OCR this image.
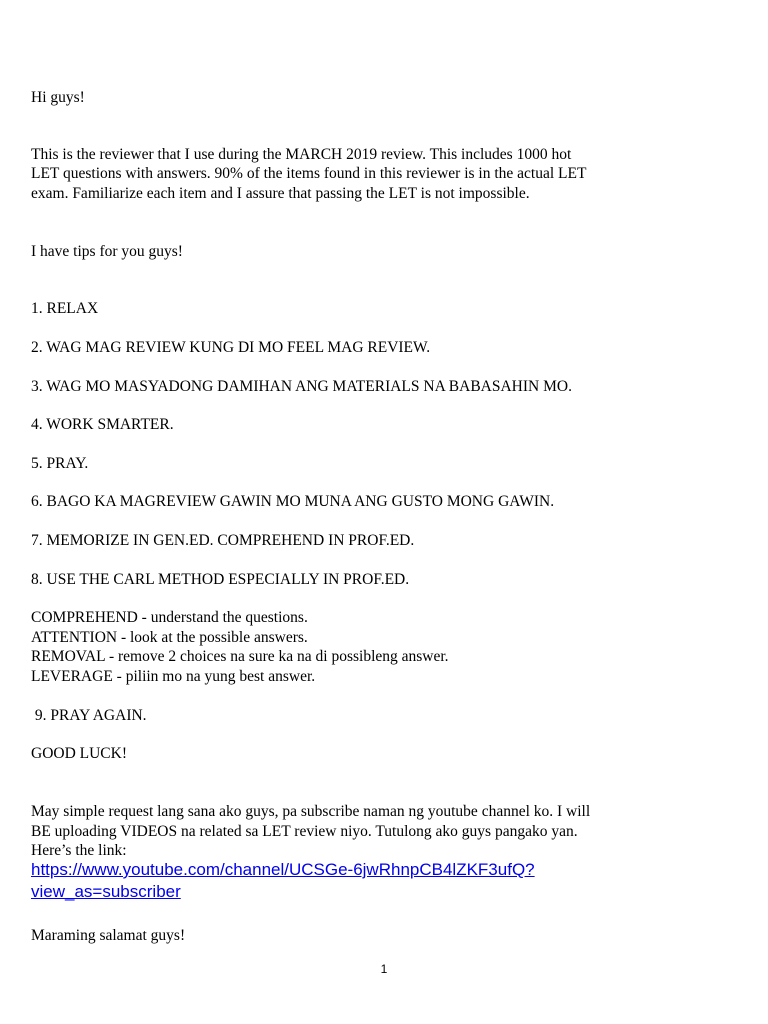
Hi guys!

This is the reviewer that I use during the MARCH 2019 review. This includes 1000 hot

LET questions with answers. 90% of the items found in this reviewer is in the actual LET

exam. Familiarize each item and I assure that passing the LET is not impossible.

I have tips for you guys!

1. RELAX

2. WAG MAG REVIEW KUNG DI MO FEEL MAG REVIEW.

3. WAG MO MASYADONG DAMIHAN ANG MATERIALS NA BABASAHIN MO.

4. WORK SMARTER.

5. PRAY.

6. BAGO KA MAGREVIEW GAWIN MO MUNA ANG GUSTO MONG GAWIN.

7. MEMORIZE IN GEN.ED. COMPREHEND IN PROF.ED.

8. USE THE CARL METHOD ESPECIALLY IN PROF.ED.

COMPREHEND - understand the questions.

ATTENTION - look at the possible answers.

REMOVAL - remove 2 choices na sure ka na di possibleng answer.

LEVERAGE - piliin mo na yung best answer.

9. PRAY AGAIN.

GOOD LUCK!

May simple request lang sana ako guys, pa subscribe naman ng youtube channel ko. I will

BE uploading VIDEOS na related sa LET review niyo. Tutulong ako guys pangako yan.

Here’s the link:

https://www.youtube.com/channel/UCSGe-6jwRhnpCB4lZKF3ufQ?
view_as=subscriber

Maraming salamat guys!

1
